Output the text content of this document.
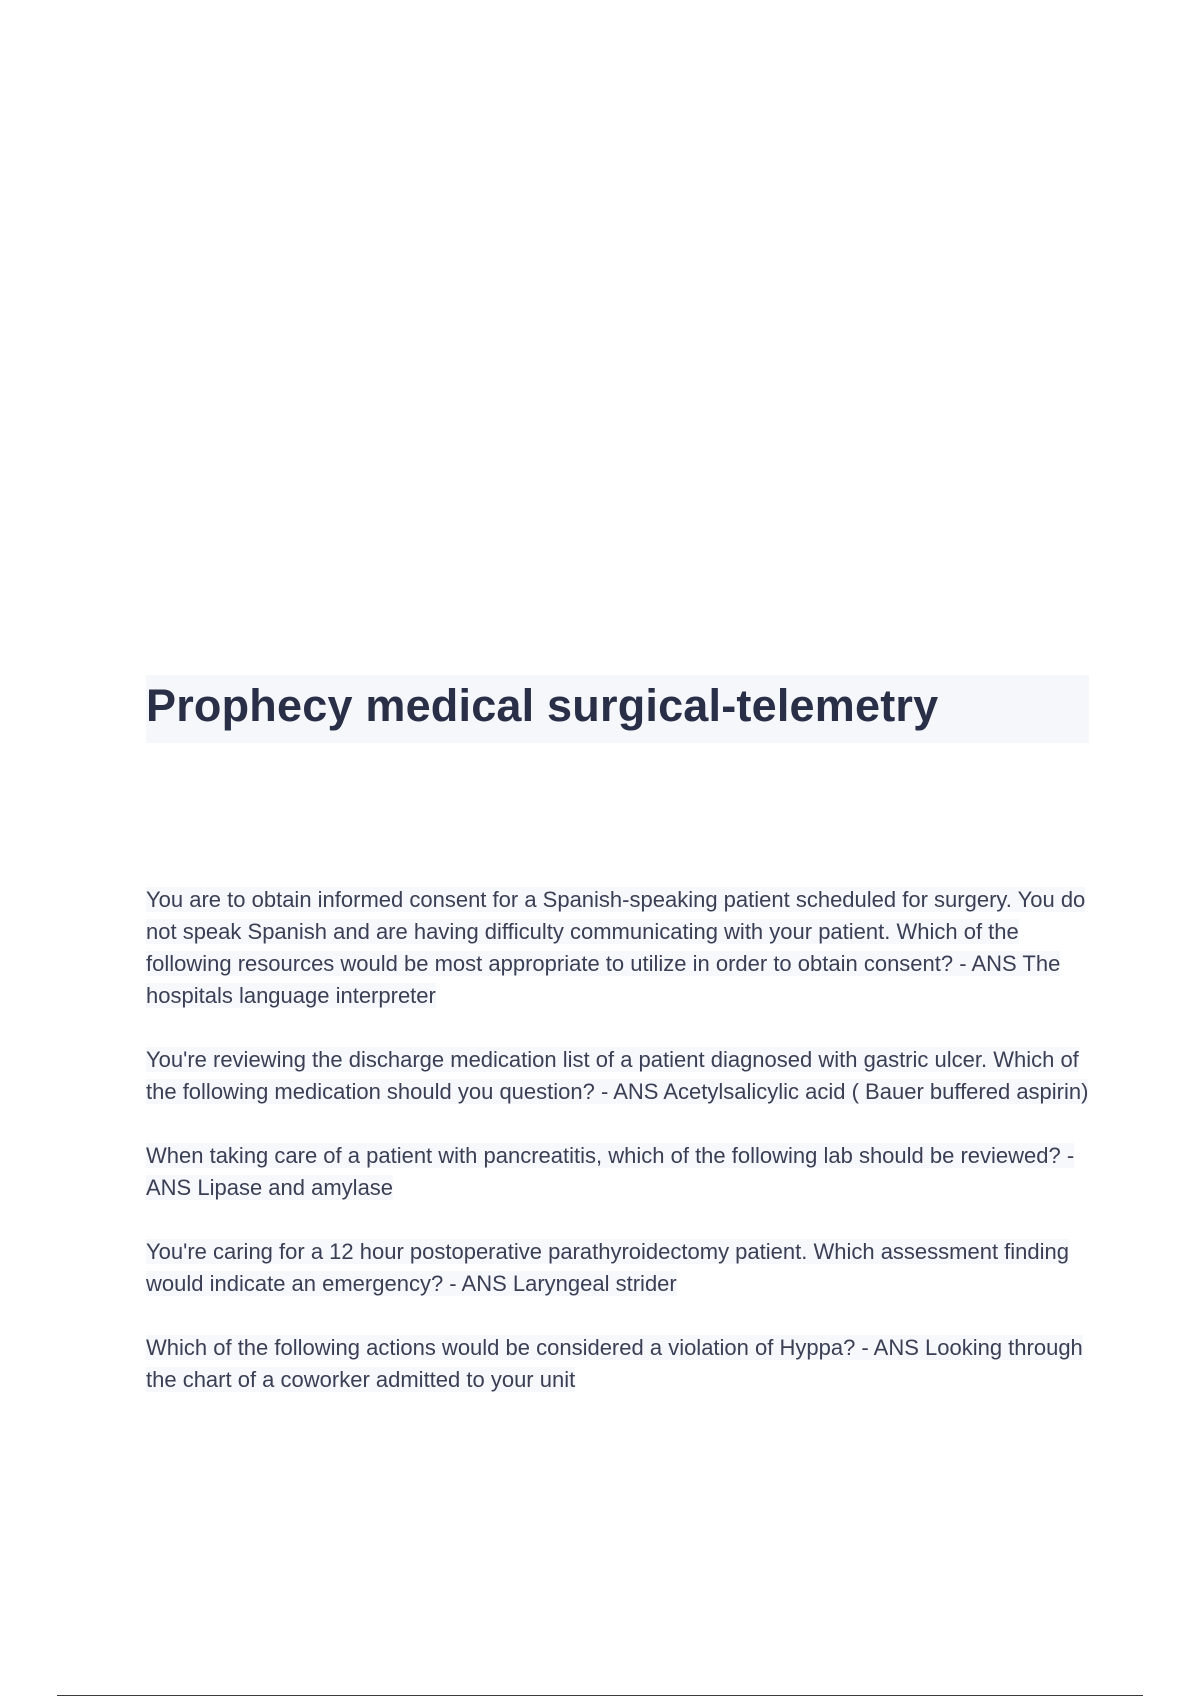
Prophecy medical surgical-telemetry

You are to obtain informed consent for a Spanish-speaking patient scheduled for surgery. You do not speak Spanish and are having difficulty communicating with your patient. Which of the following resources would be most appropriate to utilize in order to obtain consent? - ANS The hospitals language interpreter

You're reviewing the discharge medication list of a patient diagnosed with gastric ulcer. Which of the following medication should you question? - ANS Acetylsalicylic acid ( Bauer buffered aspirin)

When taking care of a patient with pancreatitis, which of the following lab should be reviewed? - ANS Lipase and amylase

You're caring for a 12 hour postoperative parathyroidectomy patient. Which assessment finding would indicate an emergency? - ANS Laryngeal strider

Which of the following actions would be considered a violation of Hyppa? - ANS Looking through the chart of a coworker admitted to your unit
